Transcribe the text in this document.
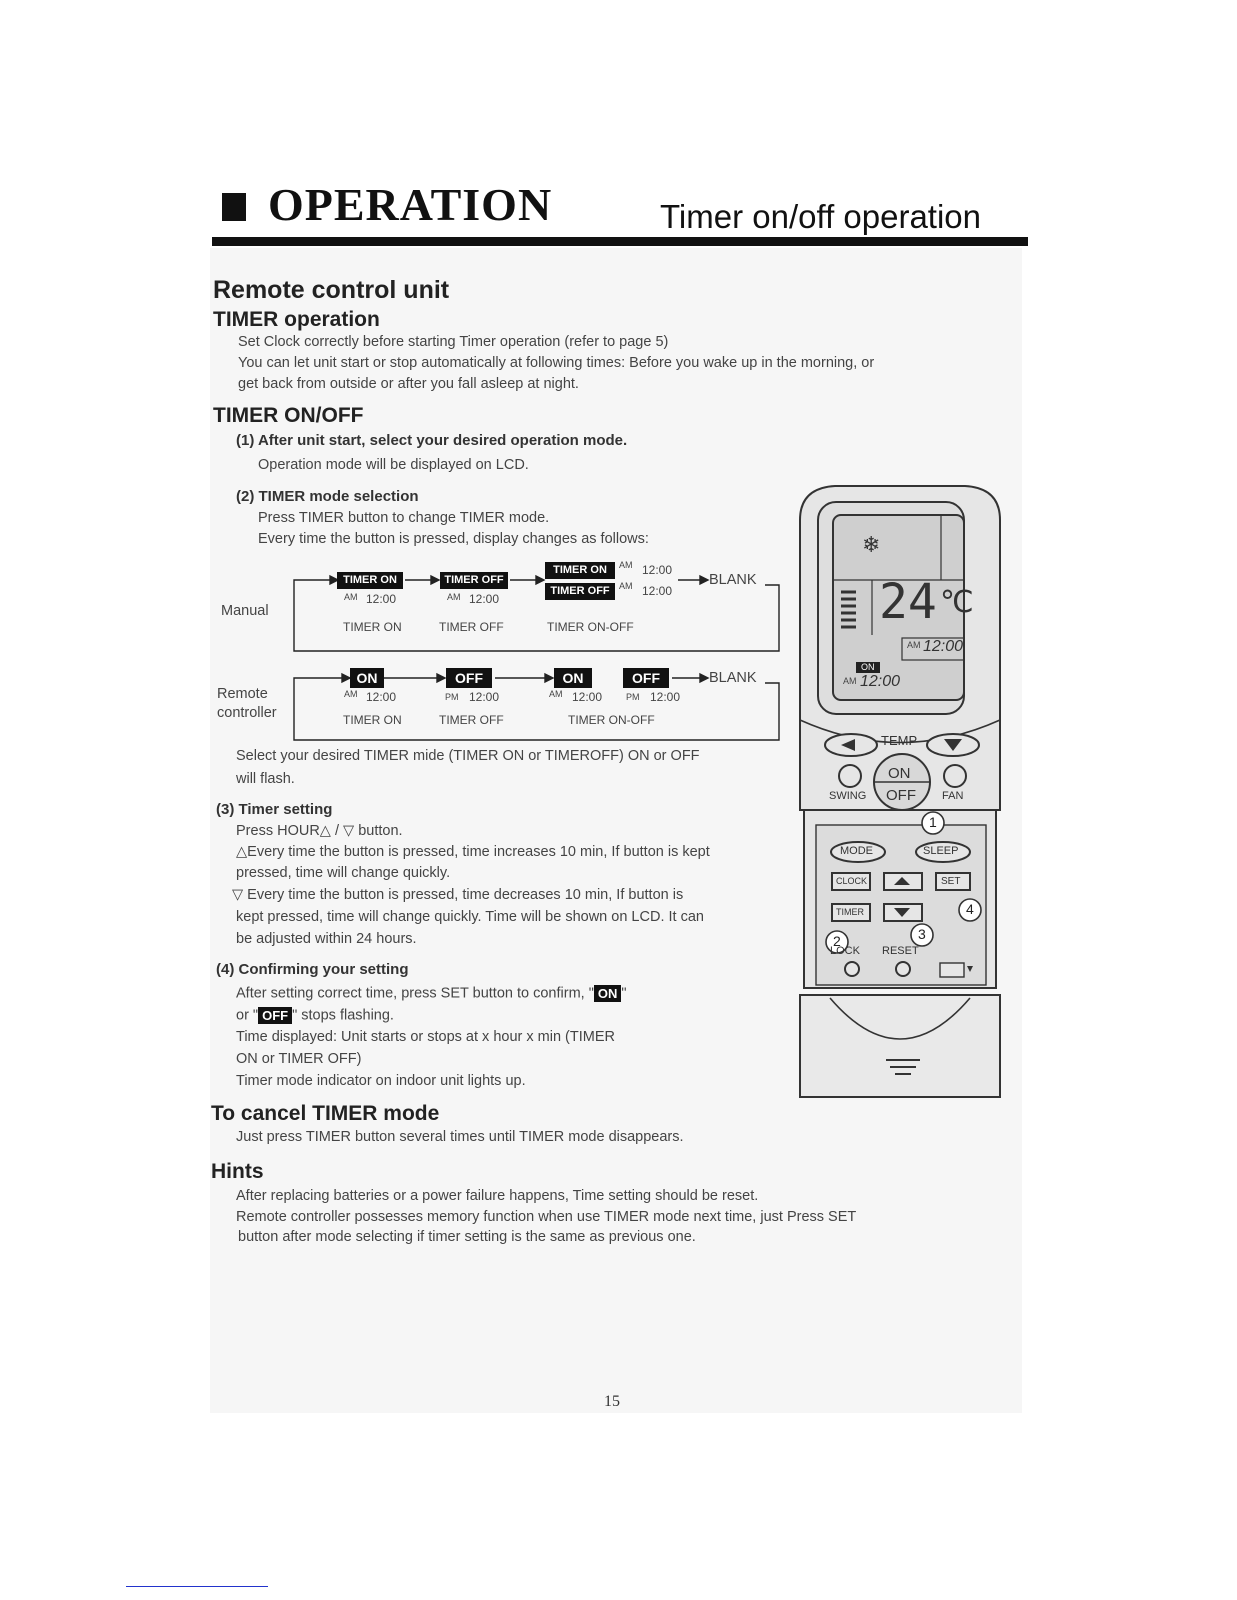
OPERATION	Timer on/off operation
Remote control unit
TIMER operation
Set Clock correctly before starting Timer operation (refer to page 5)
You can let unit start or stop automatically at following times: Before you wake up in the morning, or
get back from outside or after you fall asleep at night.
TIMER ON/OFF
(1) After unit start, select your desired operation mode.
Operation mode will be displayed on LCD.
(2) TIMER mode selection
Press TIMER button to change TIMER mode.
Every time the button is pressed, display changes as follows:
Manual
Remote
controller
TIMER ON
AM 12:00
TIMER OFF
AM 12:00
TIMER ON	AM 12:00
TIMER OFF	AM 12:00
BLANK
TIMER ON	TIMER OFF	TIMER ON-OFF
ON
AM 12:00
OFF
PM 12:00
ON
AM 12:00
OFF
PM 12:00
BLANK
TIMER ON	TIMER OFF	TIMER ON-OFF
Select your desired TIMER mide (TIMER ON or TIMEROFF) ON or OFF
will flash.
(3) Timer setting
Press HOUR△ / ▽ button.
△Every time the button is pressed, time increases 10 min, If button is kept
pressed, time will change quickly.
▽ Every time the button is pressed, time decreases 10 min, If button is
kept pressed, time will change quickly. Time will be shown on LCD. It can
be adjusted within 24 hours.
(4) Confirming your setting
After setting correct time, press SET button to confirm, " ON "
or " OFF " stops flashing.
Time displayed: Unit starts or stops at x hour x min (TIMER
ON or TIMER OFF)
Timer mode indicator on indoor unit lights up.
To cancel TIMER mode
Just press TIMER button several times until TIMER mode disappears.
Hints
After replacing batteries or a power failure happens, Time setting should be reset.
Remote controller possesses memory function when use TIMER mode next time, just Press SET
button after mode selecting if timer setting is the same as previous one.
❄
24 ℃
AM 12:00
ON
AM 12:00
TEMP
ON
OFF
SWING	FAN
MODE	SLEEP
CLOCK	SET
TIMER
LOCK RESET
1
2	3
4
15
